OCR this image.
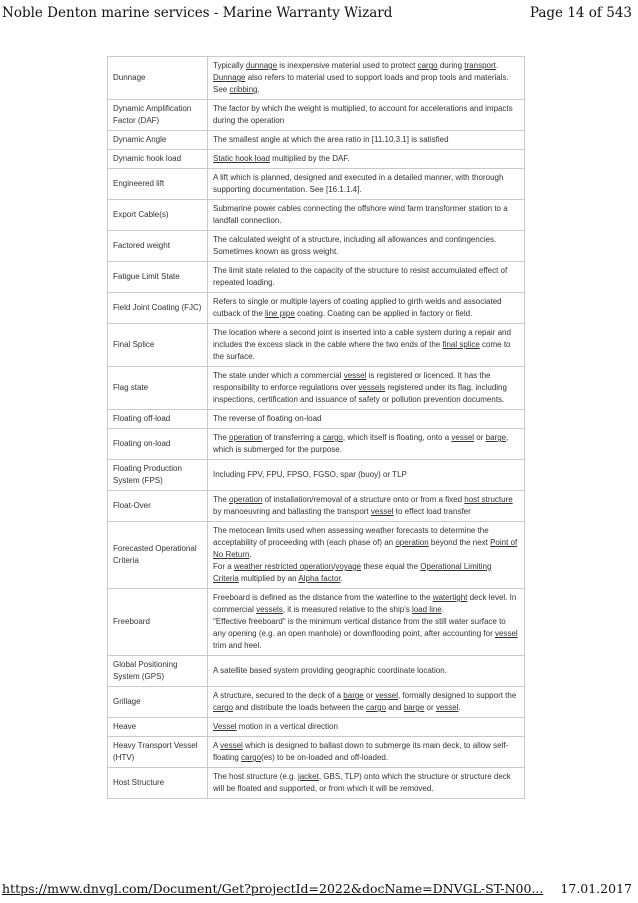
Noble Denton marine services - Marine Warranty Wizard	Page 14 of 543
Dunnage	Typically dunnage is inexpensive material used to protect cargo during transport. Dunnage also refers to material used to support loads and prop tools and materials. See cribbing.
Dynamic Amplification Factor (DAF)	The factor by which the weight is multiplied, to account for accelerations and impacts during the operation
Dynamic Angle	The smallest angle at which the area ratio in [11.10.3.1] is satisfied
Dynamic hook load	Static hook load multiplied by the DAF.
Engineered lift	A lift which is planned, designed and executed in a detailed manner, with thorough supporting documentation. See [16.1.1.4].
Export Cable(s)	Submarine power cables connecting the offshore wind farm transformer station to a landfall connection.
Factored weight	The calculated weight of a structure, including all allowances and contingencies. Sometimes known as gross weight.
Fatigue Limit State	The limit state related to the capacity of the structure to resist accumulated effect of repeated loading.
Field Joint Coating (FJC)	Refers to single or multiple layers of coating applied to girth welds and associated cutback of the line pipe coating. Coating can be applied in factory or field.
Final Splice	The location where a second joint is inserted into a cable system during a repair and includes the excess slack in the cable where the two ends of the final splice come to the surface.
Flag state	The state under which a commercial vessel is registered or licenced. It has the responsibility to enforce regulations over vessels registered under its flag, including inspections, certification and issuance of safety or pollution prevention documents.
Floating off-load	The reverse of floating on-load
Floating on-load	The operation of transferring a cargo, which itself is floating, onto a vessel or barge, which is submerged for the purpose.
Floating Production System (FPS)	Including FPV, FPU, FPSO, FGSO, spar (buoy) or TLP
Float-Over	The operation of installation/removal of a structure onto or from a fixed host structure by manoeuvring and ballasting the transport vessel to effect load transfer
Forecasted Operational Criteria	The metocean limits used when assessing weather forecasts to determine the acceptability of proceeding with (each phase of) an operation beyond the next Point of No Return.
For a weather restricted operation/voyage these equal the Operational Limiting Criteria multiplied by an Alpha factor.
Freeboard	Freeboard is defined as the distance from the waterline to the watertight deck level. In commercial vessels, it is measured relative to the ship's load line.
"Effective freeboard" is the minimum vertical distance from the still water surface to any opening (e.g. an open manhole) or downflooding point, after accounting for vessel trim and heel.
Global Positioning System (GPS)	A satellite based system providing geographic coordinate location.
Grillage	A structure, secured to the deck of a barge or vessel, formally designed to support the cargo and distribute the loads between the cargo and barge or vessel.
Heave	Vessel motion in a vertical direction
Heavy Transport Vessel (HTV)	A vessel which is designed to ballast down to submerge its main deck, to allow self-floating cargo(es) to be on-loaded and off-loaded.
Host Structure	The host structure (e.g. jacket, GBS, TLP) onto which the structure or structure deck will be floated and supported, or from which it will be removed.
https://mww.dnvgl.com/Document/Get?projectId=2022&docName=DNVGL-ST-N00... 17.01.2017
